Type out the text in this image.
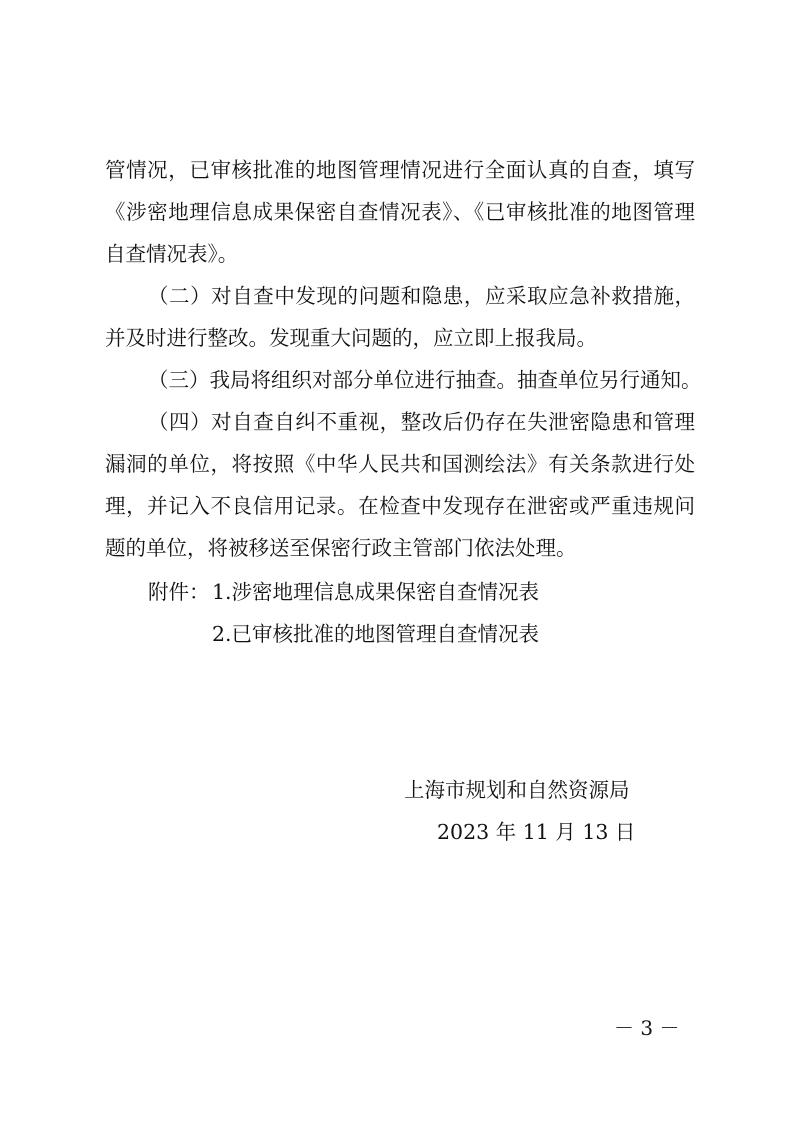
管情况，已审核批准的地图管理情况进行全面认真的自查，填写
《涉密地理信息成果保密自查情况表》、《已审核批准的地图管理
自查情况表》。
（二）对自查中发现的问题和隐患，应采取应急补救措施，
并及时进行整改。发现重大问题的，应立即上报我局。
（三）我局将组织对部分单位进行抽查。抽查单位另行通知。
（四）对自查自纠不重视，整改后仍存在失泄密隐患和管理
漏洞的单位，将按照《中华人民共和国测绘法》有关条款进行处
理，并记入不良信用记录。在检查中发现存在泄密或严重违规问
题的单位，将被移送至保密行政主管部门依法处理。
附件： 1.涉密地理信息成果保密自查情况表
2.已审核批准的地图管理自查情况表
上海市规划和自然资源局
2023 年 11 月 13 日
－ 3 －
